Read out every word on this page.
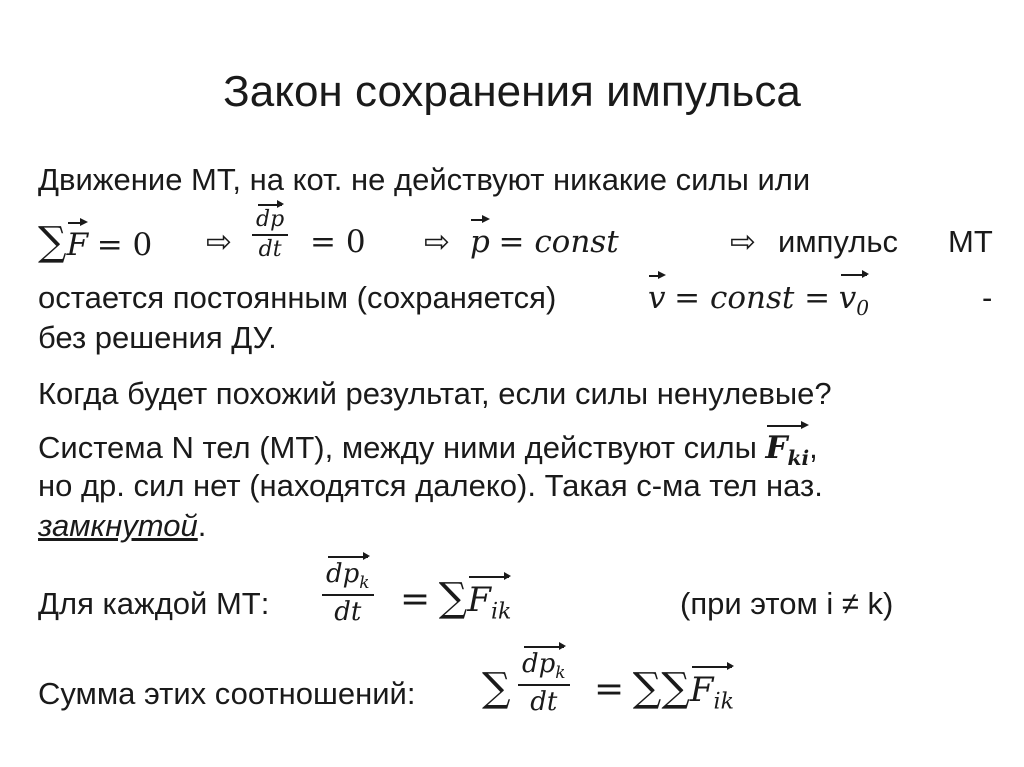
Закон сохранения импульса
Движение МТ, на кот. не действуют никакие силы или
∑F = 0 ⇨ $\frac{dp}{dt} = 0$ ⇨ p = const	⇨ импульс МТ
остается постоянным (сохраняется)	v = const = $v_0$	-
без решения ДУ.
Когда будет похожий результат, если силы ненулевые?
Система N тел (МТ), между ними действуют силы $F_{ki}$,
но др. сил нет (находятся далеко). Такая с-ма тел наз.
замкнутой.
Для каждой МТ: $\frac{dp_k}{dt} = \sum F_{ik}$	(при этом i ≠ k)
Сумма этих соотношений: ∑ $\frac{dp_k}{dt} = \sum\sum F_{ik}$
